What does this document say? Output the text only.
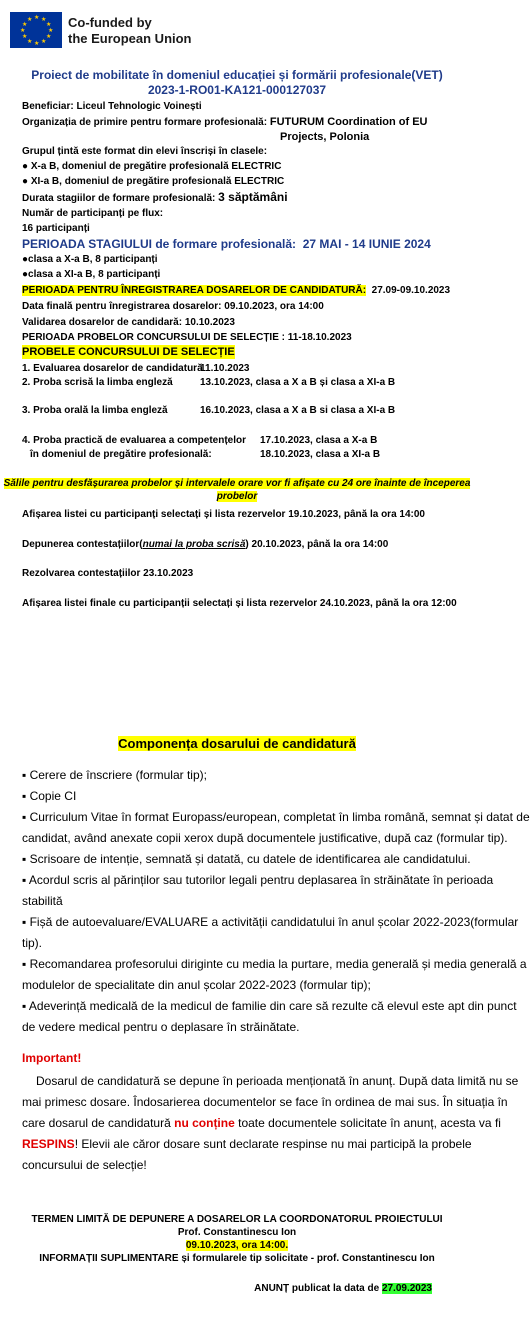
★ ★
★
★
★
★
★
★
★
★
★
★	Co-funded by
the European Union
Proiect de mobilitate în domeniul educației și formării profesionale(VET)
2023-1-RO01-KA121-000127037
Beneficiar: Liceul Tehnologic Voinești
Organizația de primire pentru formare profesională: FUTURUM Coordination of EU
Projects, Polonia
Grupul țintă este format din elevi înscriși în clasele:
● X-a B, domeniul de pregătire profesională ELECTRIC
● XI-a B, domeniul de pregătire profesională ELECTRIC
Durata stagiilor de formare profesională: 3 săptămâni
Număr de participanți pe flux:
16 participanți
PERIOADA STAGIULUI de formare profesională: 27 MAI - 14 IUNIE 2024
●clasa a X-a B, 8 participanți
●clasa a XI-a B, 8 participanți
PERIOADA PENTRU ÎNREGISTRAREA DOSARELOR DE CANDIDATURĂ: 27.09-09.10.2023
Data finală pentru înregistrarea dosarelor: 09.10.2023, ora 14:00
Validarea dosarelor de candidară: 10.10.2023
PERIOADA PROBELOR CONCURSULUI DE SELECȚIE : 11-18.10.2023
PROBELE CONCURSULUI DE SELECȚIE
1. Evaluarea dosarelor de candidatură
11.10.2023
2. Proba scrisă la limba engleză	13.10.2023, clasa a X a B și clasa a XI-a B
3. Proba orală la limba engleză	16.10.2023, clasa a X a B si clasa a XI-a B
4. Proba practică de evaluarea a competențelor
în domeniul de pregătire profesională:
17.10.2023, clasa a X-a B
18.10.2023, clasa a XI-a B
Sălile pentru desfășurarea probelor și intervalele orare vor fi afișate cu 24 ore înainte de începerea
probelor
Afișarea listei cu participanți selectați și lista rezervelor 19.10.2023, până la ora 14:00
Depunerea contestațiilor(numai la proba scrisă) 20.10.2023, până la ora 14:00
Rezolvarea contestațiilor 23.10.2023
Afișarea listei finale cu participanții selectați și lista rezervelor 24.10.2023, până la ora 12:00
Componența dosarului de candidatură
▪ Cerere de înscriere (formular tip);
▪ Copie CI
▪ Curriculum Vitae în format Europass/european, completat în limba română, semnat și datat de
candidat, având anexate copii xerox după documentele justificative, după caz (formular tip).
▪ Scrisoare de intenție, semnată și datată, cu datele de identificarea ale candidatului.
▪ Acordul scris al părinților sau tutorilor legali pentru deplasarea în străinătate în perioada
stabilită
▪ Fișă de autoevaluare/EVALUARE a activității candidatului în anul școlar 2022-2023(formular
tip).
▪ Recomandarea profesorului diriginte cu media la purtare, media generală și media generală a
modulelor de specialitate din anul școlar 2022-2023 (formular tip);
▪ Adeverință medicală de la medicul de familie din care să rezulte că elevul este apt din punct
de vedere medical pentru o deplasare în străinătate.
Important!
Dosarul de candidatură se depune în perioada menționată în anunț. După data limită nu se
mai primesc dosare. Îndosarierea documentelor se face în ordinea de mai sus. În situația în
care dosarul de candidatură nu conține toate documentele solicitate în anunț, acesta va fi
RESPINS! Elevii ale căror dosare sunt declarate respinse nu mai participă la probele
concursului de selecție!
TERMEN LIMITĂ DE DEPUNERE A DOSARELOR LA COORDONATORUL PROIECTULUI
Prof. Constantinescu Ion
09.10.2023, ora 14:00.
INFORMAȚII SUPLIMENTARE și formularele tip solicitate - prof. Constantinescu Ion
ANUNȚ publicat la data de 27.09.2023
